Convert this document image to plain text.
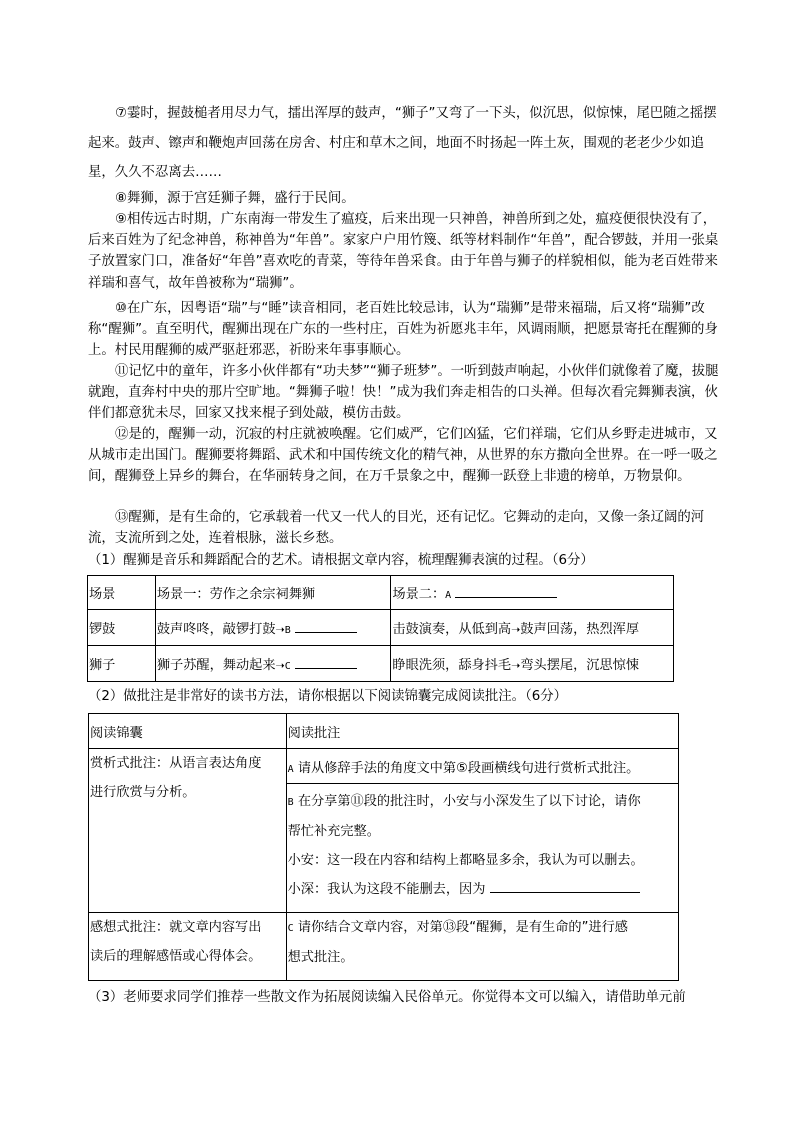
⑦霎时，握鼓槌者用尽力气，擂出浑厚的鼓声，“狮子”又弯了一下头，似沉思，似惊悚，尾巴随之摇摆起来。鼓声、镲声和鞭炮声回荡在房舍、村庄和草木之间，地面不时扬起一阵土灰，围观的老老少少如追星，久久不忍离去……

⑧舞狮，源于宫廷狮子舞，盛行于民间。

⑨相传远古时期，广东南海一带发生了瘟疫，后来出现一只神兽，神兽所到之处，瘟疫便很快没有了，后来百姓为了纪念神兽，称神兽为“年兽”。家家户户用竹篾、纸等材料制作“年兽”，配合锣鼓，并用一张桌子放置家门口，准备好“年兽”喜欢吃的青菜，等待年兽采食。由于年兽与狮子的样貌相似，能为老百姓带来祥瑞和喜气，故年兽被称为“瑞狮”。

⑩在广东，因粤语“瑞”与“睡”读音相同，老百姓比较忌讳，认为“瑞狮”是带来福瑞，后又将“瑞狮”改称“醒狮”。直至明代，醒狮出现在广东的一些村庄，百姓为祈愿兆丰年，风调雨顺，把愿景寄托在醒狮的身上。村民用醒狮的威严驱赶邪恶，祈盼来年事事顺心。

⑪记忆中的童年，许多小伙伴都有“功夫梦”“狮子班梦”。一听到鼓声响起，小伙伴们就像着了魔，拔腿就跑，直奔村中央的那片空旷地。“舞狮子啦！快！”成为我们奔走相告的口头禅。但每次看完舞狮表演，伙伴们都意犹未尽，回家又找来棍子到处敲，模仿击鼓。

⑫是的，醒狮一动，沉寂的村庄就被唤醒。它们威严，它们凶猛，它们祥瑞，它们从乡野走进城市，又从城市走出国门。醒狮要将舞蹈、武术和中国传统文化的精气神，从世界的东方撒向全世界。在一呼一吸之间，醒狮登上异乡的舞台，在华丽转身之间，在万千景象之中，醒狮一跃登上非遗的榜单，万物景仰。

⑬醒狮，是有生命的，它承载着一代又一代人的目光，还有记忆。它舞动的走向，又像一条辽阔的河流，支流所到之处，连着根脉，滋长乡愁。

（1）醒狮是音乐和舞蹈配合的艺术。请根据文章内容，梳理醒狮表演的过程。（6分）

场景	场景一：劳作之余宗祠舞狮	场景二：A
锣鼓	鼓声咚咚，敲锣打鼓➝B	击鼓演奏，从低到高➝鼓声回荡，热烈浑厚
狮子	狮子苏醒，舞动起来➝C	睁眼洗须，舔身抖毛➝弯头摆尾，沉思惊悚

（2）做批注是非常好的读书方法，请你根据以下阅读锦囊完成阅读批注。（6分）

阅读锦囊	阅读批注

赏析式批注：从语言表达角度
进行欣赏与分析。	A 请从修辞手法的角度文中第⑤段画横线句进行赏析式批注。

	B 在分享第⑪段的批注时，小安与小深发生了以下讨论，请你
帮忙补充完整。
小安：这一段在内容和结构上都略显多余，我认为可以删去。
小深：我认为这段不能删去，因为

感想式批注：就文章内容写出
读后的理解感悟或心得体会。

C 请你结合文章内容，对第⑬段“醒狮，是有生命的”进行感
想式批注。

（3）老师要求同学们推荐一些散文作为拓展阅读编入民俗单元。你觉得本文可以编入，请借助单元前
